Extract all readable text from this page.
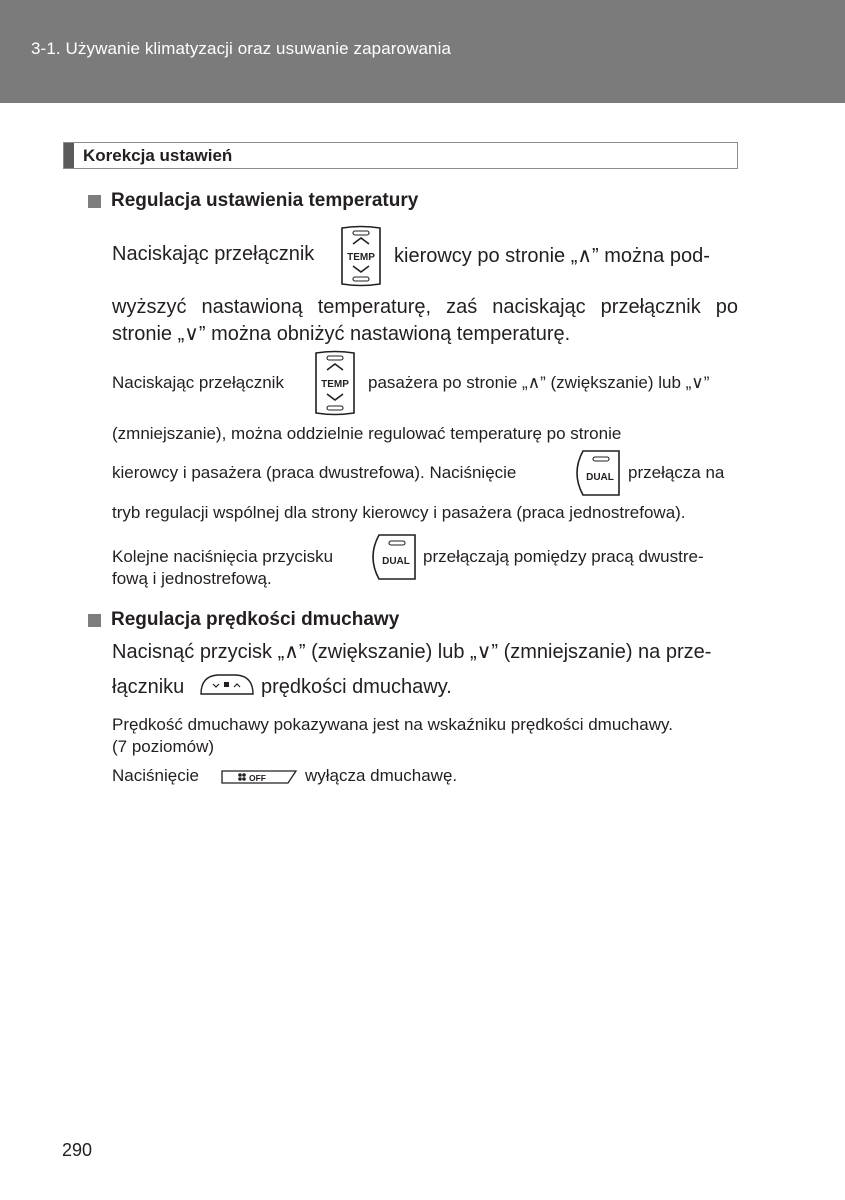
3-1. Używanie klimatyzacji oraz usuwanie zaparowania
Korekcja ustawień
Regulacja ustawienia temperatury
Naciskając przełącznik	TEMP kierowcy po stronie „∧” można pod-
wyższyć nastawioną temperaturę, zaś naciskając przełącznik po
stronie „∨” można obniżyć nastawioną temperaturę.
Naciskając przełącznik	TEMP pasażera po stronie „∧” (zwiększanie) lub „∨”
(zmniejszanie), można oddzielnie regulować temperaturę po stronie
kierowcy i pasażera (praca dwustrefowa). Naciśnięcie	DUAL przełącza na
tryb regulacji wspólnej dla strony kierowcy i pasażera (praca jednostrefowa).
Kolejne naciśnięcia przycisku	DUAL przełączają pomiędzy pracą dwustre-
fową i jednostrefową.
Regulacja prędkości dmuchawy
Nacisnąć przycisk „∧” (zwiększanie) lub „∨” (zmniejszanie) na prze-
łączniku	prędkości dmuchawy.
Prędkość dmuchawy pokazywana jest na wskaźniku prędkości dmuchawy.
(7 poziomów)
Naciśnięcie	OFF wyłącza dmuchawę.
290
